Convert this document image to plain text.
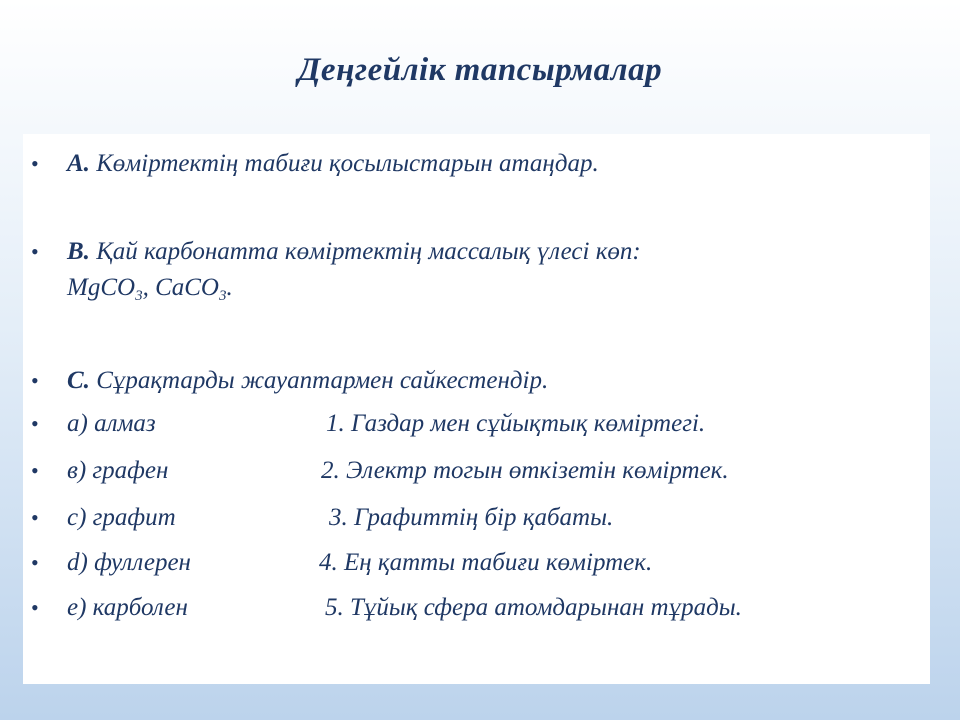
Деңгейлік тапсырмалар
• A. Көміртектің табиғи қосылыстарын атаңдар.
• B. Қай карбонатта көміртектің массалық үлесі көп:
MgCO$_3$, CaCO$_3$.
• C. Сұрақтарды жауаптармен сайкестендір.
• а) алмаз	1. Газдар мен сұйықтық көміртегі.
• в) графен	2. Электр тогын өткізетін көміртек.
• с) графит	3. Графиттің бір қабаты.
• d) фуллерен	4. Ең қатты табиғи көміртек.
• е) карболен	5. Тұйық сфера атомдарынан тұрады.
